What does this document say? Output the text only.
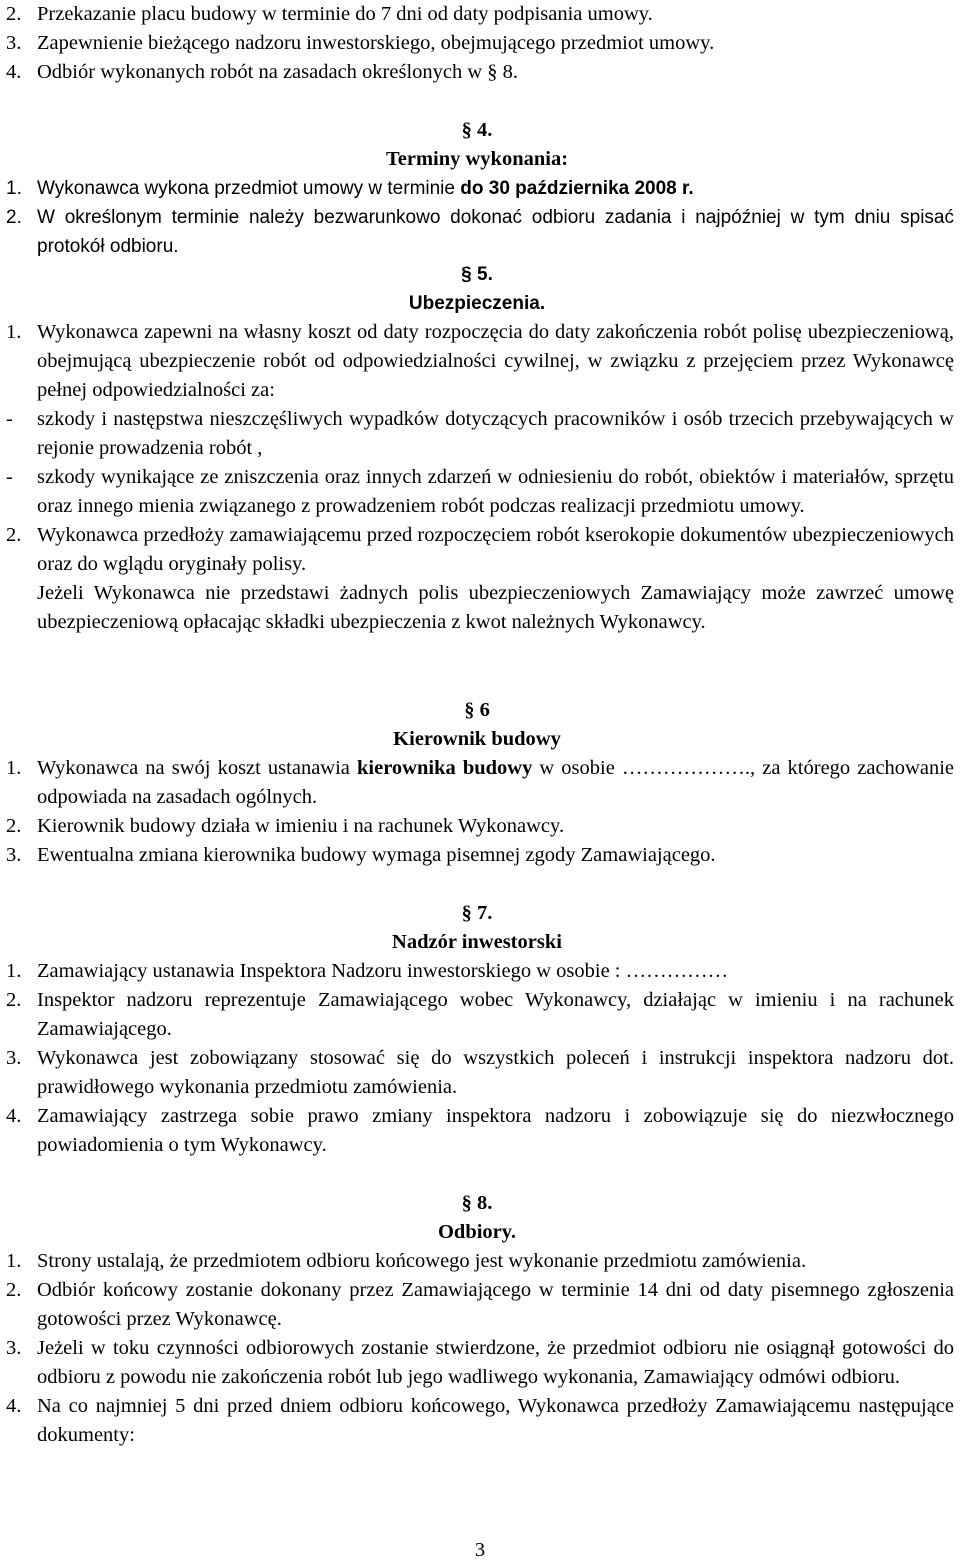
2. Przekazanie placu budowy w terminie do 7 dni od daty podpisania umowy.
3. Zapewnienie bieżącego nadzoru inwestorskiego, obejmującego przedmiot umowy.
4. Odbiór wykonanych robót na zasadach określonych w § 8.
§ 4.
Terminy wykonania:
1. Wykonawca wykona przedmiot umowy w terminie do 30 października 2008 r.
2. W określonym terminie należy bezwarunkowo dokonać odbioru zadania i najpóźniej w tym dniu spisać protokół odbioru.
§ 5.
Ubezpieczenia.
1. Wykonawca zapewni na własny koszt od daty rozpoczęcia do daty zakończenia robót polisę ubezpieczeniową, obejmującą ubezpieczenie robót od odpowiedzialności cywilnej, w związku z przejęciem przez Wykonawcę pełnej odpowiedzialności za:
- szkody i następstwa nieszczęśliwych wypadków dotyczących pracowników i osób trzecich przebywających w rejonie prowadzenia robót ,
- szkody wynikające ze zniszczenia oraz innych zdarzeń w odniesieniu do robót, obiektów i materiałów, sprzętu oraz innego mienia związanego z prowadzeniem robót podczas realizacji przedmiotu umowy.
2. Wykonawca przedłoży zamawiającemu przed rozpoczęciem robót kserokopie dokumentów ubezpieczeniowych oraz do wglądu oryginały polisy.
Jeżeli Wykonawca nie przedstawi żadnych polis ubezpieczeniowych Zamawiający może zawrzeć umowę ubezpieczeniową opłacając składki ubezpieczenia z kwot należnych Wykonawcy.
§ 6
Kierownik budowy
1. Wykonawca na swój koszt ustanawia kierownika budowy w osobie ………………., za którego zachowanie odpowiada na zasadach ogólnych.
2. Kierownik budowy działa w imieniu i na rachunek Wykonawcy.
3. Ewentualna zmiana kierownika budowy wymaga pisemnej zgody Zamawiającego.
§ 7.
Nadzór inwestorski
1. Zamawiający ustanawia Inspektora Nadzoru inwestorskiego w osobie : ……………
2. Inspektor nadzoru reprezentuje Zamawiającego wobec Wykonawcy, działając w imieniu i na rachunek Zamawiającego.
3. Wykonawca jest zobowiązany stosować się do wszystkich poleceń i instrukcji inspektora nadzoru dot. prawidłowego wykonania przedmiotu zamówienia.
4. Zamawiający zastrzega sobie prawo zmiany inspektora nadzoru i zobowiązuje się do niezwłocznego powiadomienia o tym Wykonawcy.
§ 8.
Odbiory.
1. Strony ustalają, że przedmiotem odbioru końcowego jest wykonanie przedmiotu zamówienia.
2. Odbiór końcowy zostanie dokonany przez Zamawiającego w terminie 14 dni od daty pisemnego zgłoszenia gotowości przez Wykonawcę.
3. Jeżeli w toku czynności odbiorowych zostanie stwierdzone, że przedmiot odbioru nie osiągnął gotowości do odbioru z powodu nie zakończenia robót lub jego wadliwego wykonania, Zamawiający odmówi odbioru.
4. Na co najmniej 5 dni przed dniem odbioru końcowego, Wykonawca przedłoży Zamawiającemu następujące dokumenty:
3
